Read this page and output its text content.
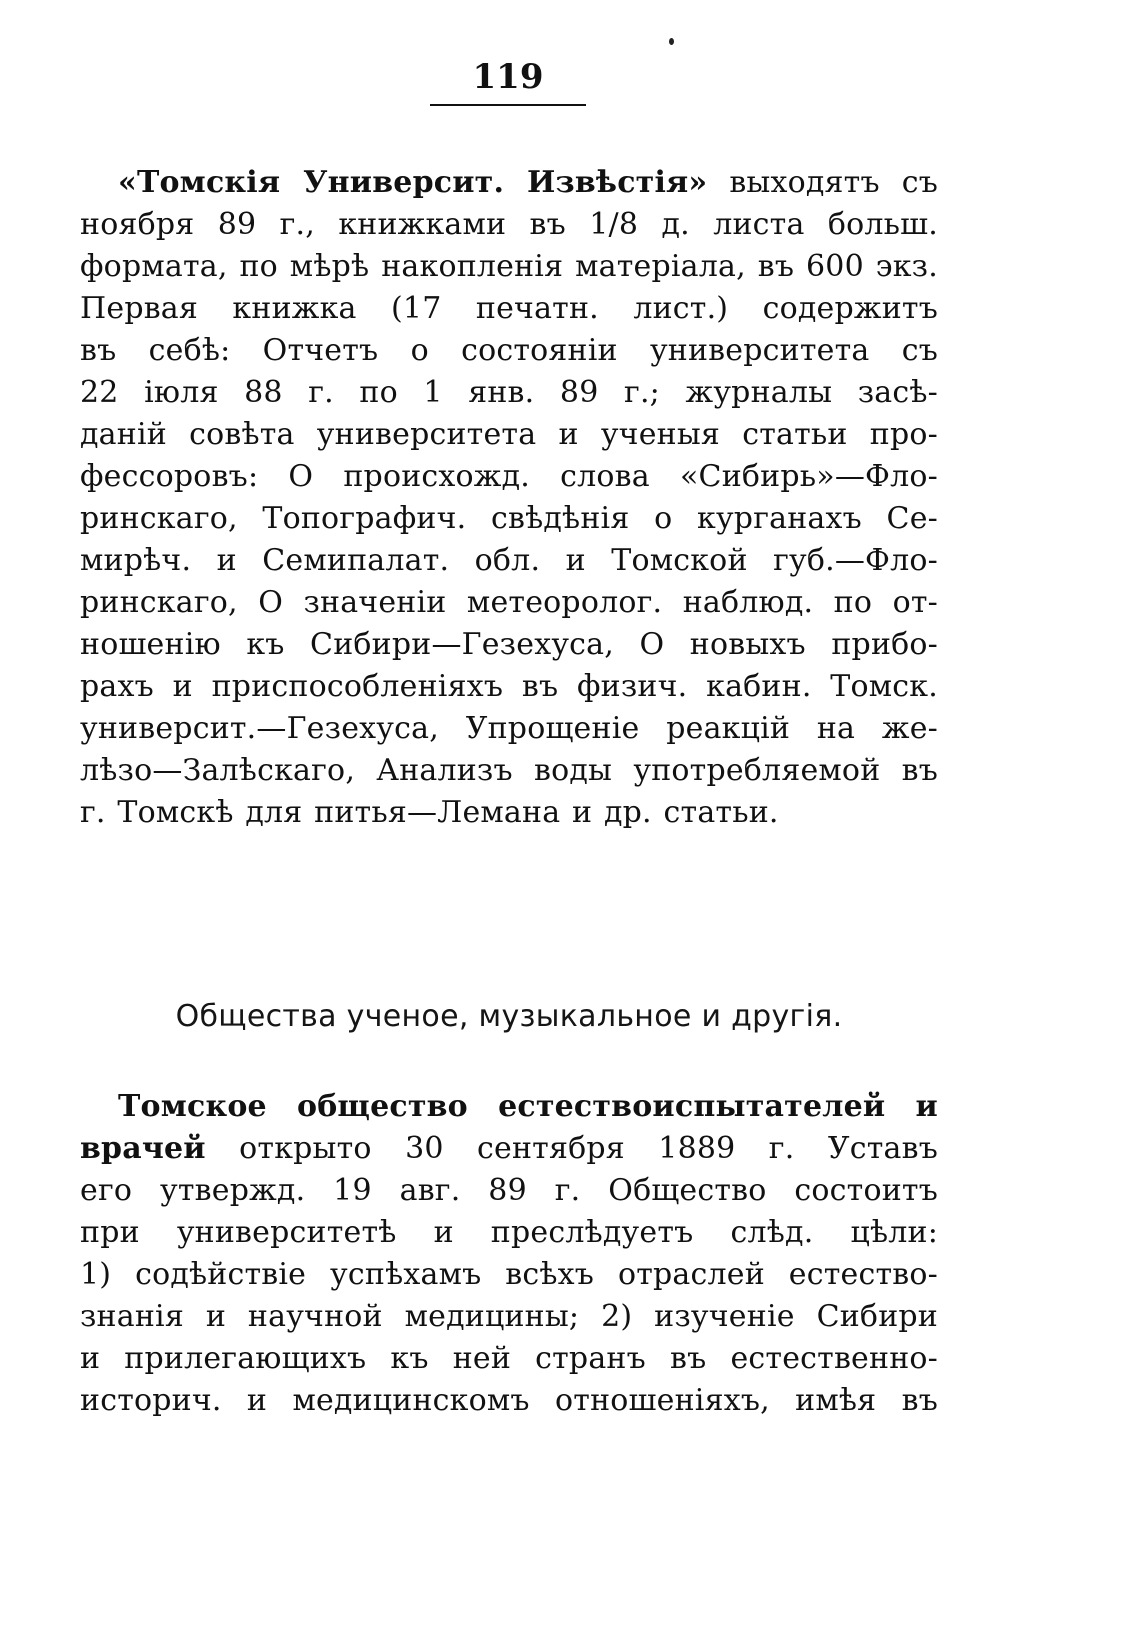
119
«Томскія Университ. Извѣстія» выходятъ съ
ноября 89 г., книжками въ 1/8 д. листа больш.
формата, по мѣрѣ накопленія матеріала, въ 600 экз.
Первая книжка (17 печатн. лист.) содержитъ
въ себѣ: Отчетъ о состояніи университета съ
22 іюля 88 г. по 1 янв. 89 г.; журналы засѣ-
даній совѣта университета и ученыя статьи про-
фессоровъ: О происхожд. слова «Сибирь»—Фло-
ринскаго, Топографич. свѣдѣнія о курганахъ Се-
мирѣч. и Семипалат. обл. и Томской губ.—Фло-
ринскаго, О значеніи метеоролог. наблюд. по от-
ношенію къ Сибири—Гезехуса, О новыхъ прибо-
рахъ и приспособленіяхъ въ физич. кабин. Томск.
университ.—Гезехуса, Упрощеніе реакцій на же-
лѣзо—Залѣскаго, Анализъ воды употребляемой въ
г. Томскѣ для питья—Лемана и др. статьи.
Общества ученое, музыкальное и другія.
Томское общество естествоиспытателей и
врачей открыто 30 сентября 1889 г. Уставъ
его утвержд. 19 авг. 89 г. Общество состоитъ
при университетѣ и преслѣдуетъ слѣд. цѣли:
1) содѣйствіе успѣхамъ всѣхъ отраслей естество-
знанія и научной медицины; 2) изученіе Сибири
и прилегающихъ къ ней странъ въ естественно-
историч. и медицинскомъ отношеніяхъ, имѣя въ
